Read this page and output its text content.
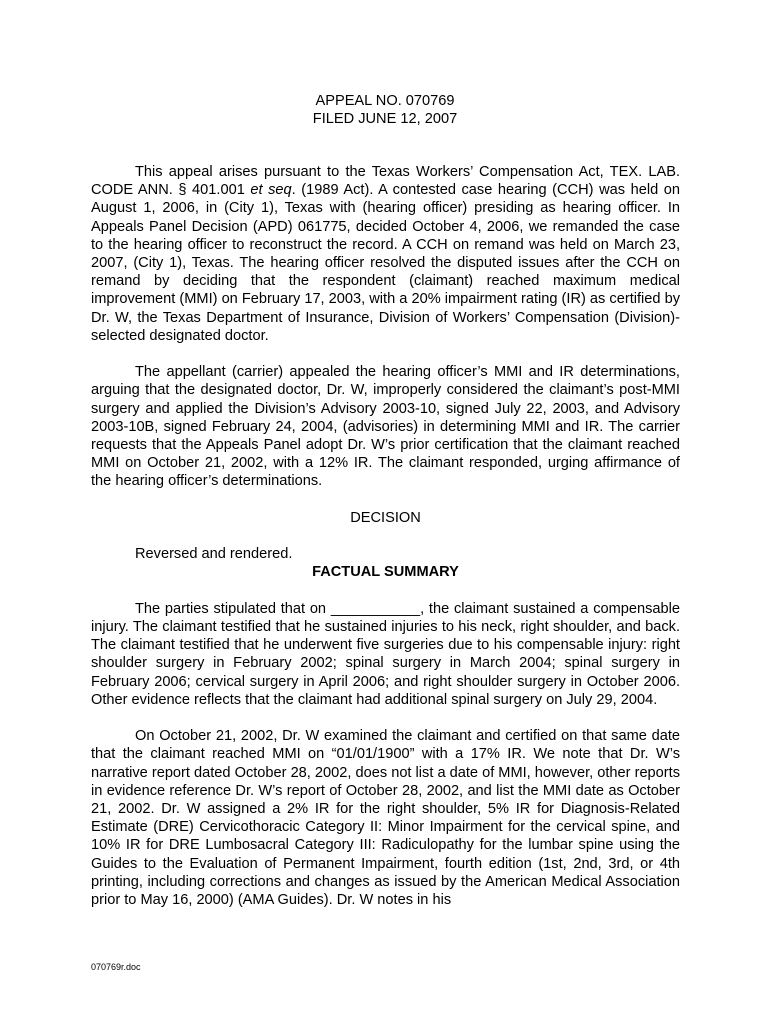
APPEAL NO. 070769
FILED JUNE 12, 2007

This appeal arises pursuant to the Texas Workers’ Compensation Act, TEX. LAB. CODE ANN. § 401.001 et seq. (1989 Act). A contested case hearing (CCH) was held on August 1, 2006, in (City 1), Texas with (hearing officer) presiding as hearing officer. In Appeals Panel Decision (APD) 061775, decided October 4, 2006, we remanded the case to the hearing officer to reconstruct the record. A CCH on remand was held on March 23, 2007, (City 1), Texas. The hearing officer resolved the disputed issues after the CCH on remand by deciding that the respondent (claimant) reached maximum medical improvement (MMI) on February 17, 2003, with a 20% impairment rating (IR) as certified by Dr. W, the Texas Department of Insurance, Division of Workers’ Compensation (Division)-selected designated doctor.

The appellant (carrier) appealed the hearing officer’s MMI and IR determinations, arguing that the designated doctor, Dr. W, improperly considered the claimant’s post-MMI surgery and applied the Division’s Advisory 2003-10, signed July 22, 2003, and Advisory 2003-10B, signed February 24, 2004, (advisories) in determining MMI and IR. The carrier requests that the Appeals Panel adopt Dr. W’s prior certification that the claimant reached MMI on October 21, 2002, with a 12% IR. The claimant responded, urging affirmance of the hearing officer’s determinations.

DECISION

Reversed and rendered.

FACTUAL SUMMARY

The parties stipulated that on ___________, the claimant sustained a compensable injury. The claimant testified that he sustained injuries to his neck, right shoulder, and back. The claimant testified that he underwent five surgeries due to his compensable injury: right shoulder surgery in February 2002; spinal surgery in March 2004; spinal surgery in February 2006; cervical surgery in April 2006; and right shoulder surgery in October 2006. Other evidence reflects that the claimant had additional spinal surgery on July 29, 2004.

On October 21, 2002, Dr. W examined the claimant and certified on that same date that the claimant reached MMI on “01/01/1900” with a 17% IR. We note that Dr. W’s narrative report dated October 28, 2002, does not list a date of MMI, however, other reports in evidence reference Dr. W’s report of October 28, 2002, and list the MMI date as October 21, 2002. Dr. W assigned a 2% IR for the right shoulder, 5% IR for Diagnosis-Related Estimate (DRE) Cervicothoracic Category II: Minor Impairment for the cervical spine, and 10% IR for DRE Lumbosacral Category III: Radiculopathy for the lumbar spine using the Guides to the Evaluation of Permanent Impairment, fourth edition (1st, 2nd, 3rd, or 4th printing, including corrections and changes as issued by the American Medical Association prior to May 16, 2000) (AMA Guides). Dr. W notes in his

070769r.doc
